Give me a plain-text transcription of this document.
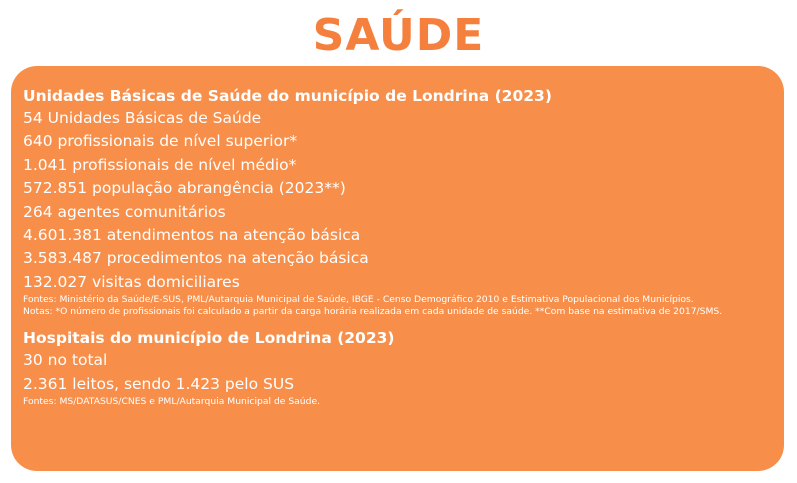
SAÚDE
Unidades Básicas de Saúde do município de Londrina (2023)
54 Unidades Básicas de Saúde
640 profissionais de nível superior*
1.041 profissionais de nível médio*
572.851 população abrangência (2023**)
264 agentes comunitários
4.601.381 atendimentos na atenção básica
3.583.487 procedimentos na atenção básica
132.027 visitas domiciliares
Fontes: Ministério da Saúde/E-SUS, PML/Autarquia Municipal de Saúde, IBGE - Censo Demográfico 2010 e Estimativa Populacional dos Municípios.
Notas: *O número de profissionais foi calculado a partir da carga horária realizada em cada unidade de saúde. **Com base na estimativa de 2017/SMS.
Hospitais do município de Londrina (2023)
30 no total
2.361 leitos, sendo 1.423 pelo SUS
Fontes: MS/DATASUS/CNES e PML/Autarquia Municipal de Saúde.
